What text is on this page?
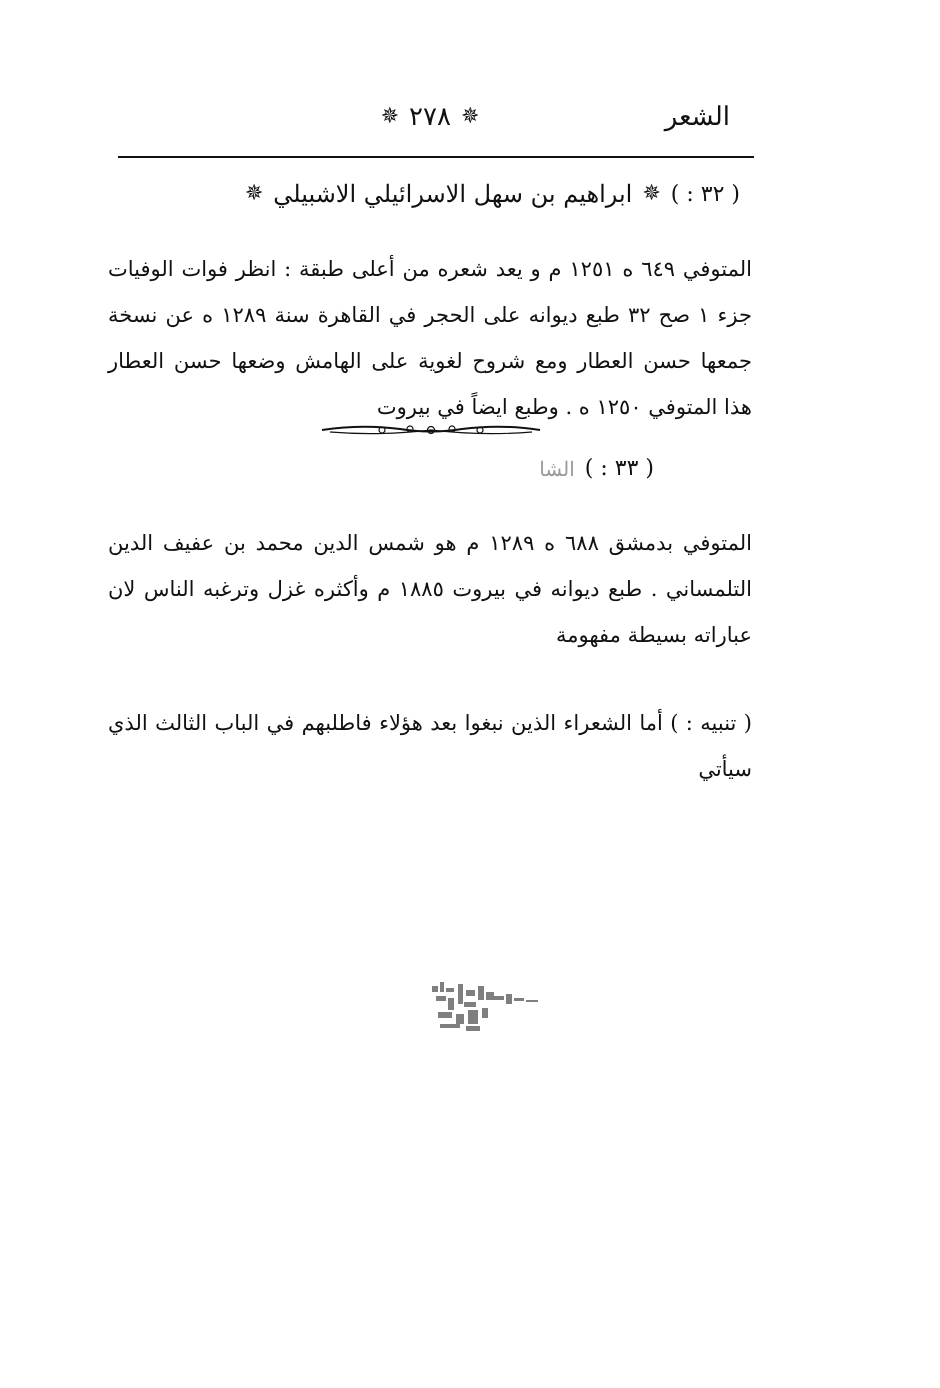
الشعر
✵
٢٧٨
✵
( ٣٢ : )
✵
ابراهيم بن سهل الاسرائيلي الاشبيلي
✵
المتوفي ٦٤٩ ه ١٢٥١ م و يعد شعره من أعلى طبقة : انظر فوات الوفيات جزء ١ صح ٣٢ طبع ديوانه على الحجر في القاهرة سنة ١٢٨٩ ه عن نسخة جمعها حسن العطار ومع شروح لغوية على الهامش وضعها حسن العطار هذا المتوفي ١٢٥٠ ه . وطبع ايضاً في بيروت
( ٣٣ : )
الشا
المتوفي بدمشق ٦٨٨ ه ١٢٨٩ م هو شمس الدين محمد بن عفيف الدين التلمساني . طبع ديوانه في بيروت ١٨٨٥ م وأكثره غزل وترغبه الناس لان عباراته بسيطة مفهومة
( تنبيه : ) أما الشعراء الذين نبغوا بعد هؤلاء فاطلبهم في الباب الثالث الذي سيأتي
